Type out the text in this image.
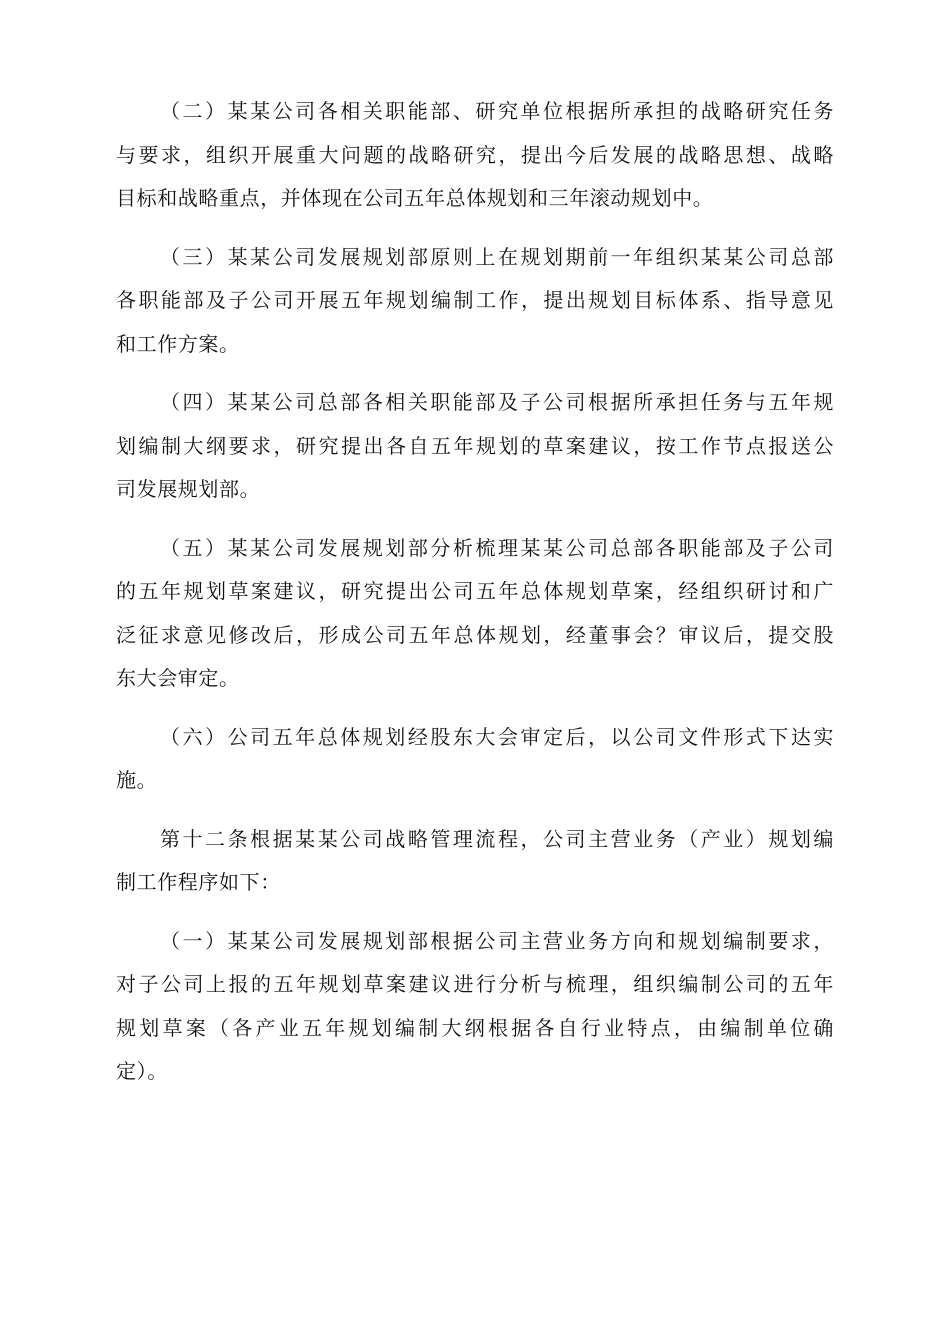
（二）某某公司各相关职能部、研究单位根据所承担的战略研究任务

与要求，组织开展重大问题的战略研究，提出今后发展的战略思想、战略

目标和战略重点，并体现在公司五年总体规划和三年滚动规划中。

（三）某某公司发展规划部原则上在规划期前一年组织某某公司总部

各职能部及子公司开展五年规划编制工作，提出规划目标体系、指导意见

和工作方案。

（四）某某公司总部各相关职能部及子公司根据所承担任务与五年规

划编制大纲要求，研究提出各自五年规划的草案建议，按工作节点报送公

司发展规划部。

（五）某某公司发展规划部分析梳理某某公司总部各职能部及子公司

的五年规划草案建议，研究提出公司五年总体规划草案，经组织研讨和广

泛征求意见修改后，形成公司五年总体规划，经董事会？审议后，提交股

东大会审定。

（六）公司五年总体规划经股东大会审定后，以公司文件形式下达实

施。

第十二条根据某某公司战略管理流程，公司主营业务（产业）规划编

制工作程序如下：

（一）某某公司发展规划部根据公司主营业务方向和规划编制要求，

对子公司上报的五年规划草案建议进行分析与梳理，组织编制公司的五年

规划草案（各产业五年规划编制大纲根据各自行业特点，由编制单位确

定）。
